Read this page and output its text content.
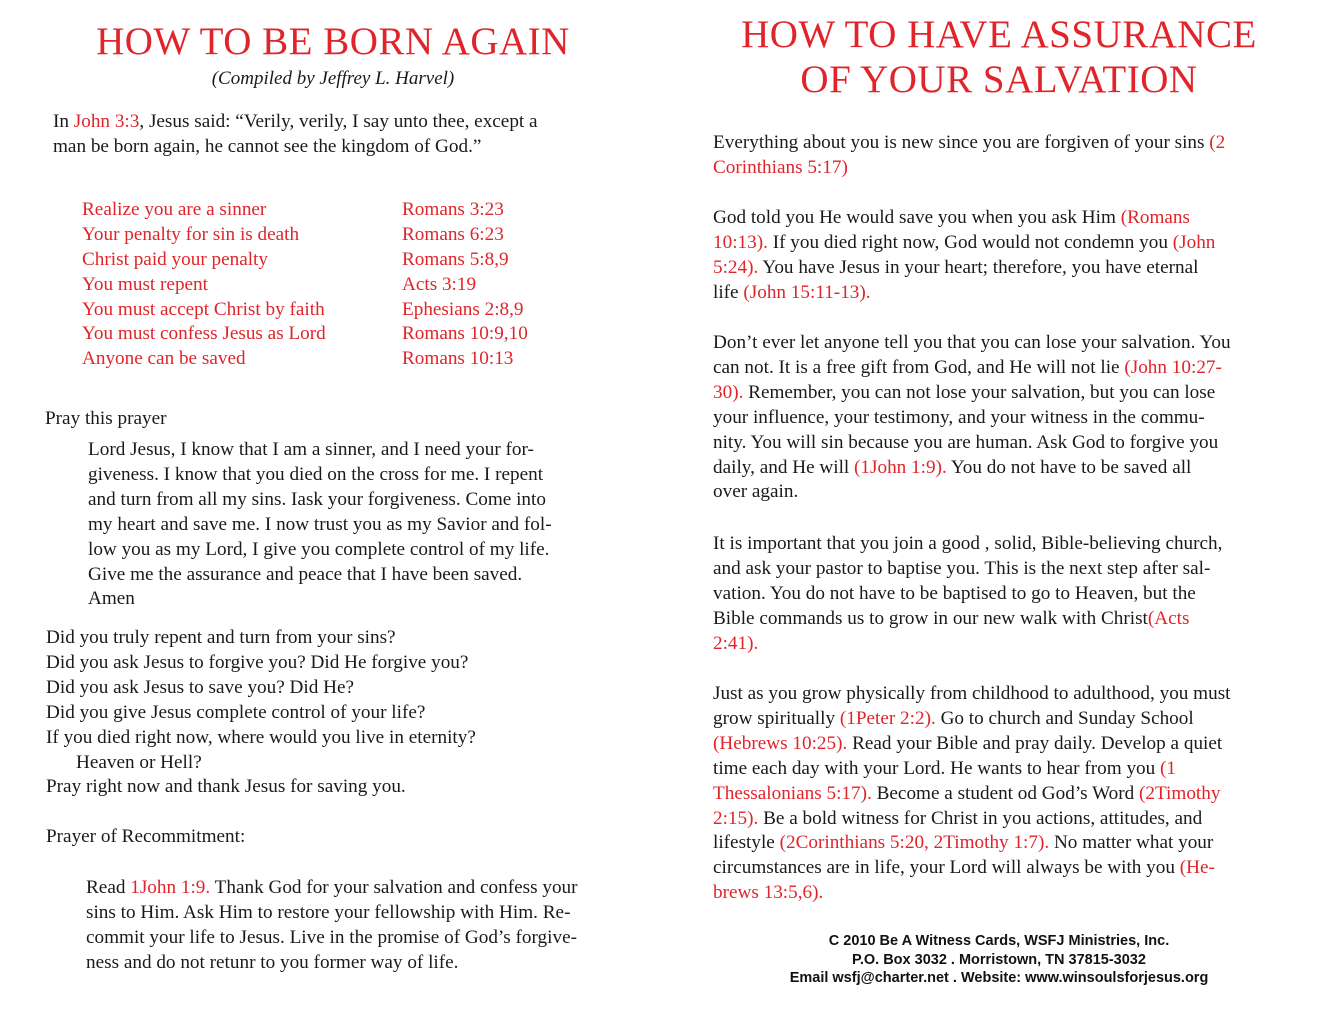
HOW TO BE BORN AGAIN
(Compiled by Jeffrey L. Harvel)
In John 3:3, Jesus said: “Verily, verily, I say unto thee, except a
man be born again, he cannot see the kingdom of God.”
Realize you are a sinner	Romans 3:23
Your penalty for sin is death	Romans 6:23
Christ paid your penalty	Romans 5:8,9
You must repent	Acts 3:19
You must accept Christ by faith	Ephesians 2:8,9
You must confess Jesus as Lord	Romans 10:9,10
Anyone can be saved	Romans 10:13
Pray this prayer
Lord Jesus, I know that I am a sinner, and I need your for-
giveness. I know that you died on the cross for me. I repent
and turn from all my sins. Iask your forgiveness. Come into
my heart and save me. I now trust you as my Savior and fol-
low you as my Lord, I give you complete control of my life.
Give me the assurance and peace that I have been saved.
Amen
Did you truly repent and turn from your sins?
Did you ask Jesus to forgive you? Did He forgive you?
Did you ask Jesus to save you? Did He?
Did you give Jesus complete control of your life?
If you died right now, where would you live in eternity?
Heaven or Hell?
Pray right now and thank Jesus for saving you.
Prayer of Recommitment:
Read 1John 1:9. Thank God for your salvation and confess your
sins to Him. Ask Him to restore your fellowship with Him. Re-
commit your life to Jesus. Live in the promise of God’s forgive-
ness and do not retunr to you former way of life.
HOW TO HAVE ASSURANCE
OF YOUR SALVATION
Everything about you is new since you are forgiven of your sins (2
Corinthians 5:17)
God told you He would save you when you ask Him (Romans
10:13). If you died right now, God would not condemn you (John
5:24). You have Jesus in your heart; therefore, you have eternal
life (John 15:11-13).
Don’t ever let anyone tell you that you can lose your salvation. You
can not. It is a free gift from God, and He will not lie (John 10:27-
30). Remember, you can not lose your salvation, but you can lose
your influence, your testimony, and your witness in the commu-
nity. You will sin because you are human. Ask God to forgive you
daily, and He will (1John 1:9). You do not have to be saved all
over again.
It is important that you join a good , solid, Bible-believing church,
and ask your pastor to baptise you. This is the next step after sal-
vation. You do not have to be baptised to go to Heaven, but the
Bible commands us to grow in our new walk with Christ(Acts
2:41).
Just as you grow physically from childhood to adulthood, you must
grow spiritually (1Peter 2:2). Go to church and Sunday School
(Hebrews 10:25). Read your Bible and pray daily. Develop a quiet
time each day with your Lord. He wants to hear from you (1
Thessalonians 5:17). Become a student od God’s Word (2Timothy
2:15). Be a bold witness for Christ in you actions, attitudes, and
lifestyle (2Corinthians 5:20, 2Timothy 1:7). No matter what your
circumstances are in life, your Lord will always be with you (He-
brews 13:5,6).
C 2010 Be A Witness Cards, WSFJ Ministries, Inc.
P.O. Box 3032 . Morristown, TN 37815-3032
Email wsfj@charter.net . Website: www.winsoulsforjesus.org
